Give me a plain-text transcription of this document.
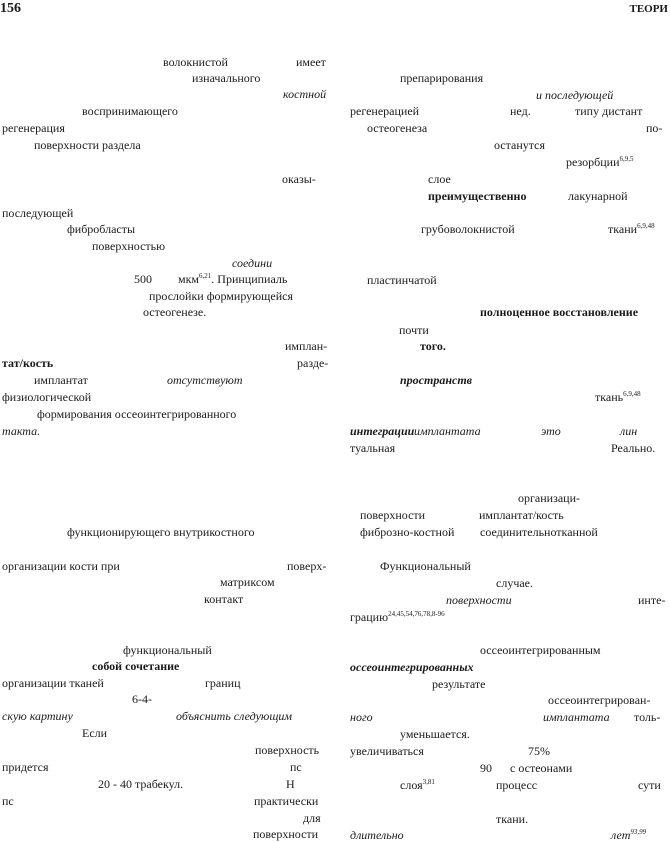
156	ТЕОРИ
волокнистой	имеет
изначального
костной
воспринимающего
регенерация
поверхности раздела
оказы-
последующей
фибробласты
поверхностью
соедини
500 мкм$^{6,21}$. Принципиаль
прослойки формирующейся
остеогенезе.
имплан-
тат/кость	разде-
имплантат	отсутствуют
физиологической
формирования оссеоинтегрированного
такта.
функционирующего внутрикостного
организации кости при	поверх-
матриксом
контакт
функциональный
собой сочетание
организации тканей	границ
6-4-
скую картину	объяснить следующим
Если
поверхность
придется	пс
20 - 40 трабекул.	Н
пс	практически
для
поверхности
препарирования
и последующей
регенерацией	нед.	типу дистант
остеогенеза	по-
останутся
резорбции$^{6,9,5}$
слое
преимущественно	лакунарной
грубоволокнистой	ткани$^{6,9,48}$
пластинчатой
полноценное восстановление
почти
того.
пространств
ткань$^{6,9,48}$
интеграции имплантата	это	лин
туальная	Реально.
организаци-
поверхности	имплантат/кость
фиброзно-костной соединительнотканной
Функциональный
случае.
поверхности	инте-
грацию$^{24,45,54,76,78,8-96}$
оссеоинтегрированным
оссеоинтегрированных
результате
оссеоинтегрирован-
ного	имплантата толь-
уменьшается.
увеличиваться	75%
90 с остеонами
слоя$^{3,81}$	процесс	сути
ткани.
длительно	лет$^{93,99}$
